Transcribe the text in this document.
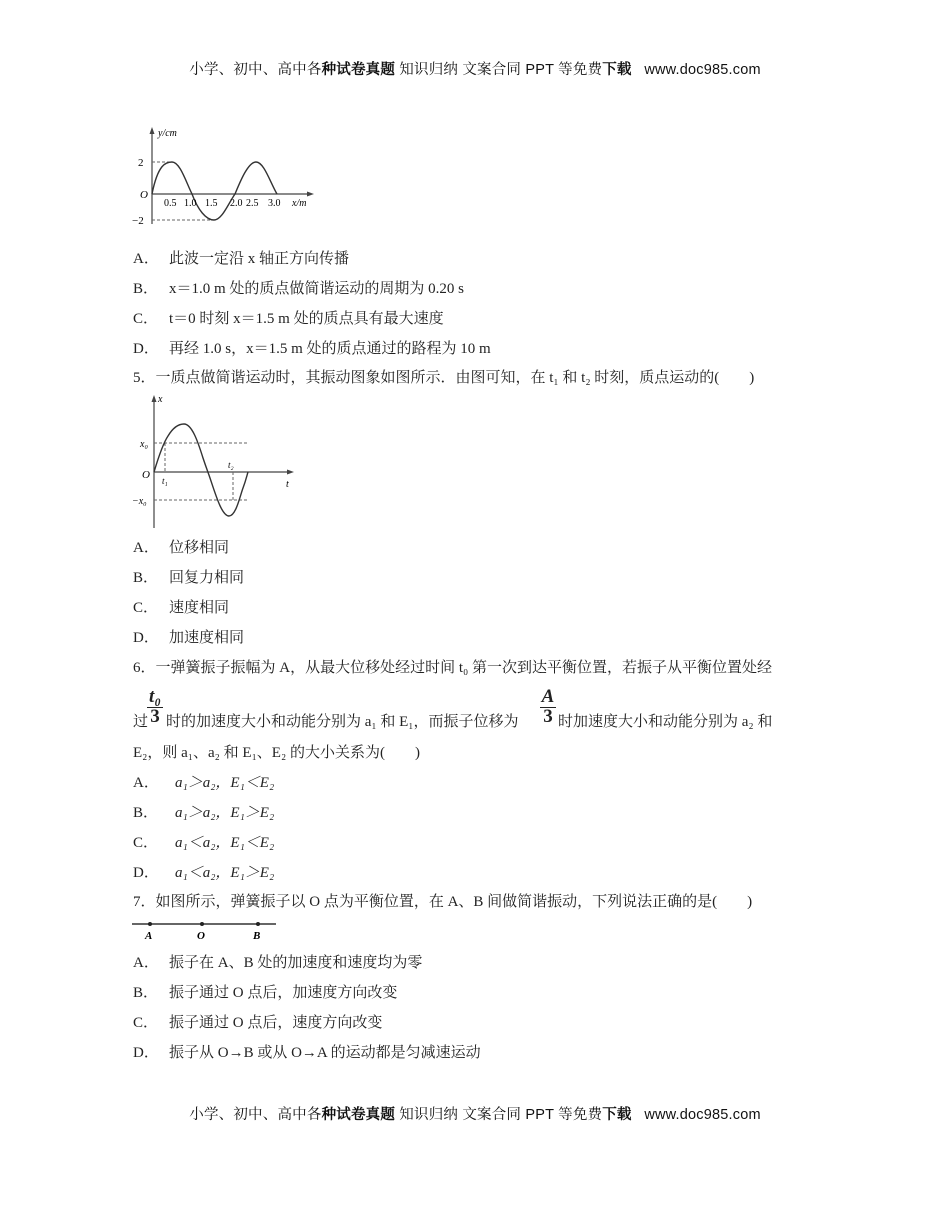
小学、初中、高中各种试卷真题 知识归纳 文案合同 PPT 等免费下载 www.doc985.com
y/cm
2
−2
O
0.5 1.0 1.5 2.0 2.5 3.0 x/m
A． 此波一定沿 x 轴正方向传播
B． x＝1.0 m 处的质点做简谐运动的周期为 0.20 s
C． t＝0 时刻 x＝1.5 m 处的质点具有最大速度
D． 再经 1.0 s，x＝1.5 m 处的质点通过的路程为 10 m
5．一质点做简谐运动时，其振动图象如图所示．由图可知，在 t₁ 和 t₂ 时刻，质点运动的(　　)
x
x₀
−x₀
t₁
t₂
O
t
A． 位移相同
B． 回复力相同
C． 速度相同
D． 加速度相同
6．一弹簧振子振幅为 A，从最大位移处经过时间 t₀ 第一次到达平衡位置，若振子从平衡位置处经
t₀
3
A
3
过 时的加速度大小和动能分别为 a₁ 和 E₁，而振子位移为	时加速度大小和动能分别为 a₂ 和
E₂，则 a₁、a₂ 和 E₁、E₂ 的大小关系为(　　)
A． a₁＞a₂，E₁＜E₂
B． a₁＞a₂，E₁＞E₂
C． a₁＜a₂，E₁＜E₂
D． a₁＜a₂，E₁＞E₂
7．如图所示，弹簧振子以 O 点为平衡位置，在 A、B 间做简谐振动，下列说法正确的是(　　)
A	O	B
A． 振子在 A、B 处的加速度和速度均为零
B． 振子通过 O 点后，加速度方向改变
C． 振子通过 O 点后，速度方向改变
D． 振子从 O→B 或从 O→A 的运动都是匀减速运动
小学、初中、高中各种试卷真题 知识归纳 文案合同 PPT 等免费下载 www.doc985.com
